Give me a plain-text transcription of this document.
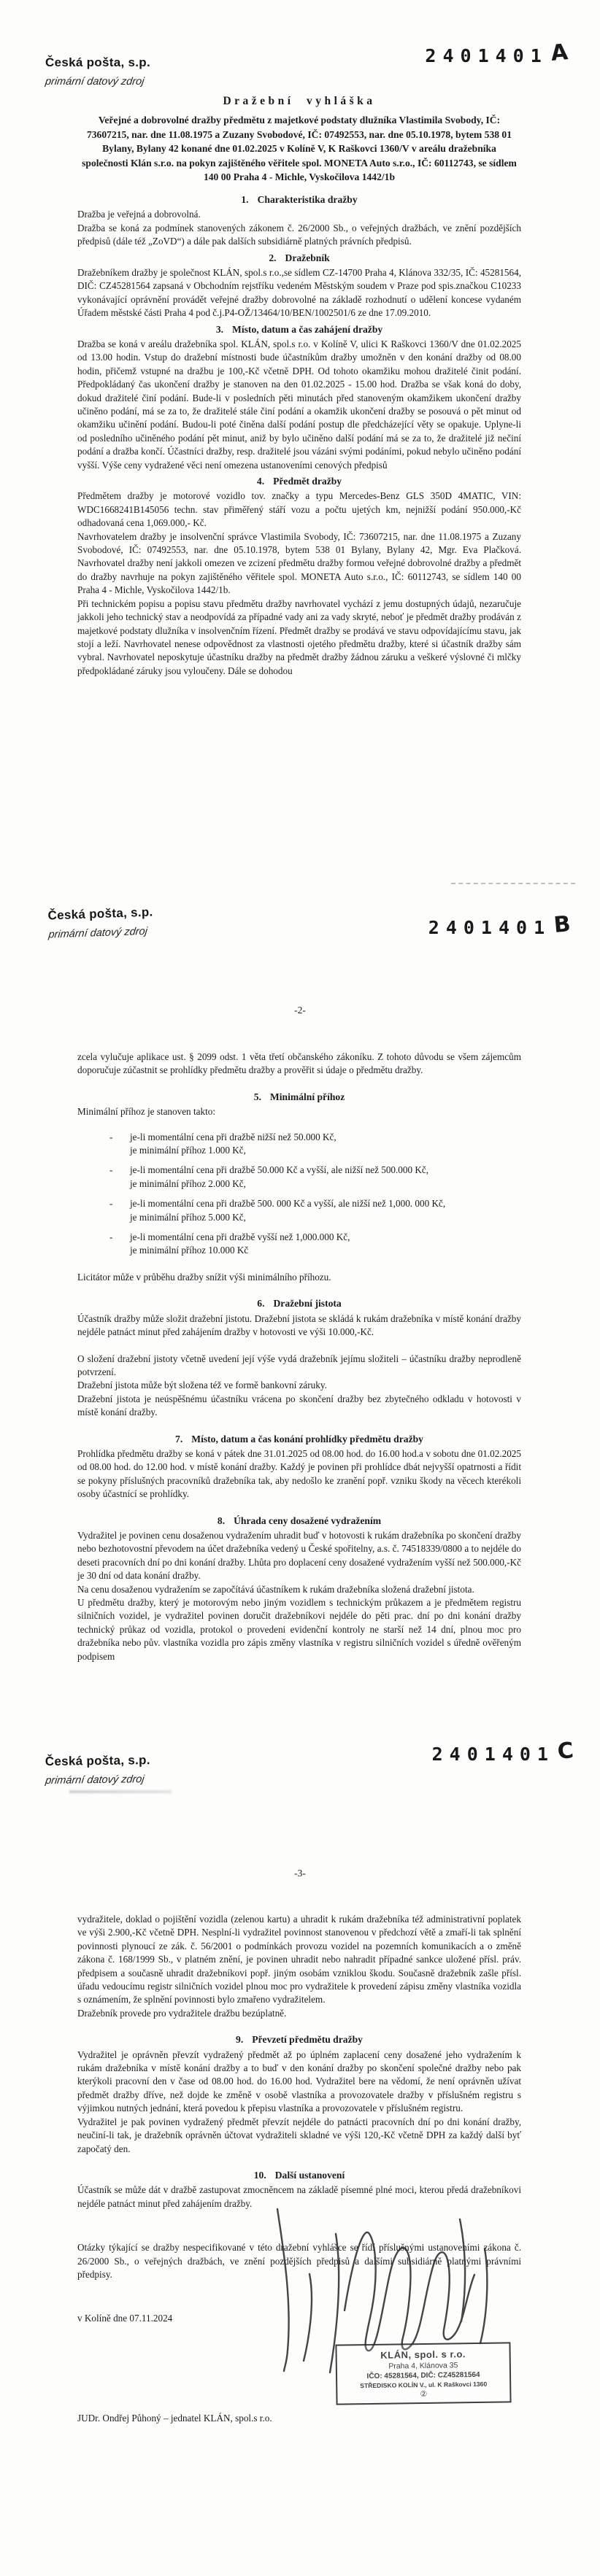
Česká pošta, s.p.
primární datový zdroj
2401401A
Dražební vyhláška
Veřejné a dobrovolné dražby předmětu z majetkové podstaty dlužníka Vlastimila Svobody, IČ: 73607215, nar. dne 11.08.1975 a Zuzany Svobodové, IČ: 07492553, nar. dne 05.10.1978, bytem 538 01 Bylany, Bylany 42 konané dne 01.02.2025 v Kolíně V, K Raškovci 1360/V v areálu dražebníka společnosti Klán s.r.o. na pokyn zajištěného věřitele spol. MONETA Auto s.r.o., IČ: 60112743, se sídlem 140 00 Praha 4 - Michle, Vyskočilova 1442/1b
1. Charakteristika dražby
Dražba je veřejná a dobrovolná.
Dražba se koná za podmínek stanovených zákonem č. 26/2000 Sb., o veřejných dražbách, ve znění pozdějších předpisů (dále též „ZoVD“) a dále pak dalších subsidiárně platných právních předpisů.
2. Dražebník
Dražebníkem dražby je společnost KLÁN, spol.s r.o.,se sídlem CZ-14700 Praha 4, Klánova 332/35, IČ: 45281564, DIČ: CZ45281564 zapsaná v Obchodním rejstříku vedeném Městským soudem v Praze pod spis.značkou C10233 vykonávající oprávnění provádět veřejné dražby dobrovolné na základě rozhodnutí o udělení koncese vydaném Úřadem městské části Praha 4 pod č.j.P4-OŽ/13464/10/BEN/1002501/6 ze dne 17.09.2010.
3. Místo, datum a čas zahájení dražby
Dražba se koná v areálu dražebníka spol. KLÁN, spol.s r.o. v Kolíně V, ulici K Raškovci 1360/V dne 01.02.2025 od 13.00 hodin. Vstup do dražební místnosti bude účastníkům dražby umožněn v den konání dražby od 08.00 hodin, přičemž vstupné na dražbu je 100,-Kč včetně DPH. Od tohoto okamžiku mohou dražitelé činit podání. Předpokládaný čas ukončení dražby je stanoven na den 01.02.2025 - 15.00 hod. Dražba se však koná do doby, dokud dražitelé činí podání. Bude-li v posledních pěti minutách před stanoveným okamžikem ukončení dražby učiněno podání, má se za to, že dražitelé stále činí podání a okamžik ukončení dražby se posouvá o pět minut od okamžiku učinění podání. Budou-li poté činěna další podání postup dle předcházející věty se opakuje. Uplyne-li od posledního učiněného podání pět minut, aniž by bylo učiněno další podání má se za to, že dražitelé již nečiní podání a dražba končí. Účastníci dražby, resp. dražitelé jsou vázáni svými podáními, pokud nebylo učiněno podání vyšší. Výše ceny vydražené věci není omezena ustanoveními cenových předpisů
4. Předmět dražby
Předmětem dražby je motorové vozidlo tov. značky a typu Mercedes-Benz GLS 350D 4MATIC, VIN: WDC1668241B145056 techn. stav přiměřený stáří vozu a počtu ujetých km, nejnižší podání 950.000,-Kč odhadovaná cena 1,069.000,- Kč.
Navrhovatelem dražby je insolvenční správce Vlastimila Svobody, IČ: 73607215, nar. dne 11.08.1975 a Zuzany Svobodové, IČ: 07492553, nar. dne 05.10.1978, bytem 538 01 Bylany, Bylany 42, Mgr. Eva Plačková. Navrhovatel dražby není jakkoli omezen ve zcizení předmětu dražby formou veřejné dobrovolné dražby a předmět do dražby navrhuje na pokyn zajištěného věřitele spol. MONETA Auto s.r.o., IČ: 60112743, se sídlem 140 00 Praha 4 - Michle, Vyskočilova 1442/1b.
Při technickém popisu a popisu stavu předmětu dražby navrhovatel vychází z jemu dostupných údajů, nezaručuje jakkoli jeho technický stav a neodpovídá za případné vady ani za vady skryté, neboť je předmět dražby prodáván z majetkové podstaty dlužníka v insolvenčním řízení. Předmět dražby se prodává ve stavu odpovídajícímu stavu, jak stojí a leží. Navrhovatel nenese odpovědnost za vlastnosti ojetého předmětu dražby, které si účastník dražby sám vybral. Navrhovatel neposkytuje účastníku dražby na předmět dražby žádnou záruku a veškeré výslovné či mlčky předpokládané záruky jsou vyloučeny. Dále se dohodou
Česká pošta, s.p.
primární datový zdroj	2401401B
-2-
zcela vylučuje aplikace ust. § 2099 odst. 1 věta třetí občanského zákoníku. Z tohoto důvodu se všem zájemcům doporučuje zúčastnit se prohlídky předmětu dražby a prověřit si údaje o předmětu dražby.
5. Minimální příhoz
Minimální příhoz je stanoven takto:
- je-li momentální cena při dražbě nižší než 50.000 Kč,
je minimální příhoz 1.000 Kč,
- je-li momentální cena při dražbě 50.000 Kč a vyšší, ale nižší než 500.000 Kč,
je minimální příhoz 2.000 Kč,
- je-li momentální cena při dražbě 500. 000 Kč a vyšší, ale nižší než 1,000. 000 Kč,
je minimální příhoz 5.000 Kč,
- je-li momentální cena při dražbě vyšší než 1,000.000 Kč,
je minimální příhoz 10.000 Kč
Licitátor může v průběhu dražby snížit výši minimálního příhozu.
6. Dražební jistota
Účastník dražby může složit dražební jistotu. Dražební jistota se skládá k rukám dražebníka v místě konání dražby nejdéle patnáct minut před zahájením dražby v hotovosti ve výši 10.000,-Kč.
O složení dražební jistoty včetně uvedení její výše vydá dražebník jejímu složiteli – účastníku dražby neprodleně potvrzení.
Dražební jistota může být složena též ve formě bankovní záruky.
Dražební jistota je neúspěšnému účastníku vrácena po skončení dražby bez zbytečného odkladu v hotovosti v místě konání dražby.
7. Místo, datum a čas konání prohlídky předmětu dražby
Prohlídka předmětu dražby se koná v pátek dne 31.01.2025 od 08.00 hod. do 16.00 hod.a v sobotu dne 01.02.2025 od 08.00 hod. do 12.00 hod. v místě konání dražby. Každý je povinen při prohlídce dbát nejvyšší opatrnosti a řídit se pokyny příslušných pracovníků dražebníka tak, aby nedošlo ke zranění popř. vzniku škody na věcech kterékoli osoby účastnící se prohlídky.
8. Úhrada ceny dosažené vydražením
Vydražitel je povinen cenu dosaženou vydražením uhradit buď v hotovosti k rukám dražebníka po skončení dražby nebo bezhotovostní převodem na účet dražebníka vedený u České spořitelny, a.s. č. 74518339/0800 a to nejdéle do deseti pracovních dní po dni konání dražby. Lhůta pro doplacení ceny dosažené vydražením vyšší než 500.000,-Kč je 30 dní od data konání dražby.
Na cenu dosaženou vydražením se započítává účastníkem k rukám dražebníka složená dražební jistota.
U předmětu dražby, který je motorovým nebo jiným vozidlem s technickým průkazem a je předmětem registru silničních vozidel, je vydražitel povinen doručit dražebníkovi nejdéle do pěti prac. dní po dni konání dražby technický průkaz od vozidla, protokol o provedeni evidenční kontroly ne starší než 14 dní, plnou moc pro dražebníka nebo pův. vlastníka vozidla pro zápis změny vlastníka v registru silničních vozidel s úředně ověřeným podpisem
Česká pošta, s.p.
primární datový zdroj
2401401C
-3-
vydražitele, doklad o pojištění vozidla (zelenou kartu) a uhradit k rukám dražebníka též administrativní poplatek ve výši 2.900,-Kč včetně DPH. Nesplní-li vydražitel povinnost stanovenou v předchozí větě a zmaří-li tak splnění povinnosti plynoucí ze zák. č. 56/2001 o podmínkách provozu vozidel na pozemních komunikacích a o změně zákona č. 168/1999 Sb., v platném znění, je povinen uhradit nebo nahradit případné sankce uložené přísl. práv. předpisem a současně uhradit dražebníkovi popř. jiným osobám vzniklou škodu. Současně dražebník zašle přísl. úřadu vedoucímu registr silničních vozidel plnou moc pro vydražitele k provedení zápisu změny vlastníka vozidla s oznámením, že splnění povinnosti bylo zmařeno vydražitelem.
Dražebník provede pro vydražitele dražbu bezúplatně.
9. Převzetí předmětu dražby
Vydražitel je oprávněn převzít vydražený předmět až po úplném zaplacení ceny dosažené jeho vydražením k rukám dražebníka v místě konání dražby a to buď v den konání dražby po skončení společné dražby nebo pak kterýkoli pracovní den v čase od 08.00 hod. do 16.00 hod. Vydražitel bere na vědomí, že není oprávněn užívat předmět dražby dříve, než dojde ke změně v osobě vlastníka a provozovatele dražby v příslušném registru s výjimkou nutných jednání, která povedou k přepisu vlastníka a provozovatele v příslušném registru.
Vydražitel je pak povinen vydražený předmět převzít nejdéle do patnácti pracovních dní po dni konání dražby, neučiní-li tak, je dražebník oprávněn účtovat vydražiteli skladné ve výši 120,-Kč včetně DPH za každý další byť započatý den.
10. Další ustanovení
Účastník se může dát v dražbě zastupovat zmocněncem na základě písemné plné moci, kterou předá dražebníkovi nejdéle patnáct minut před zahájením dražby.
Otázky týkající se dražby nespecifikované v této dražební vyhlášce se řídí příslušnými ustanoveními zákona č. 26/2000 Sb., o veřejných dražbách, ve znění pozdějších předpisů a dalšími subsidiárně platnými právními předpisy.
v Kolíně dne 07.11.2024
JUDr. Ondřej Půhoný – jednatel KLÁN, spol.s r.o.
KLÁN, spol. s r.o.
Praha 4, Klánova 35
IČO: 45281564, DIČ: CZ45281564
STŘEDISKO KOLÍN V., ul. K Raškovci 1360
②
